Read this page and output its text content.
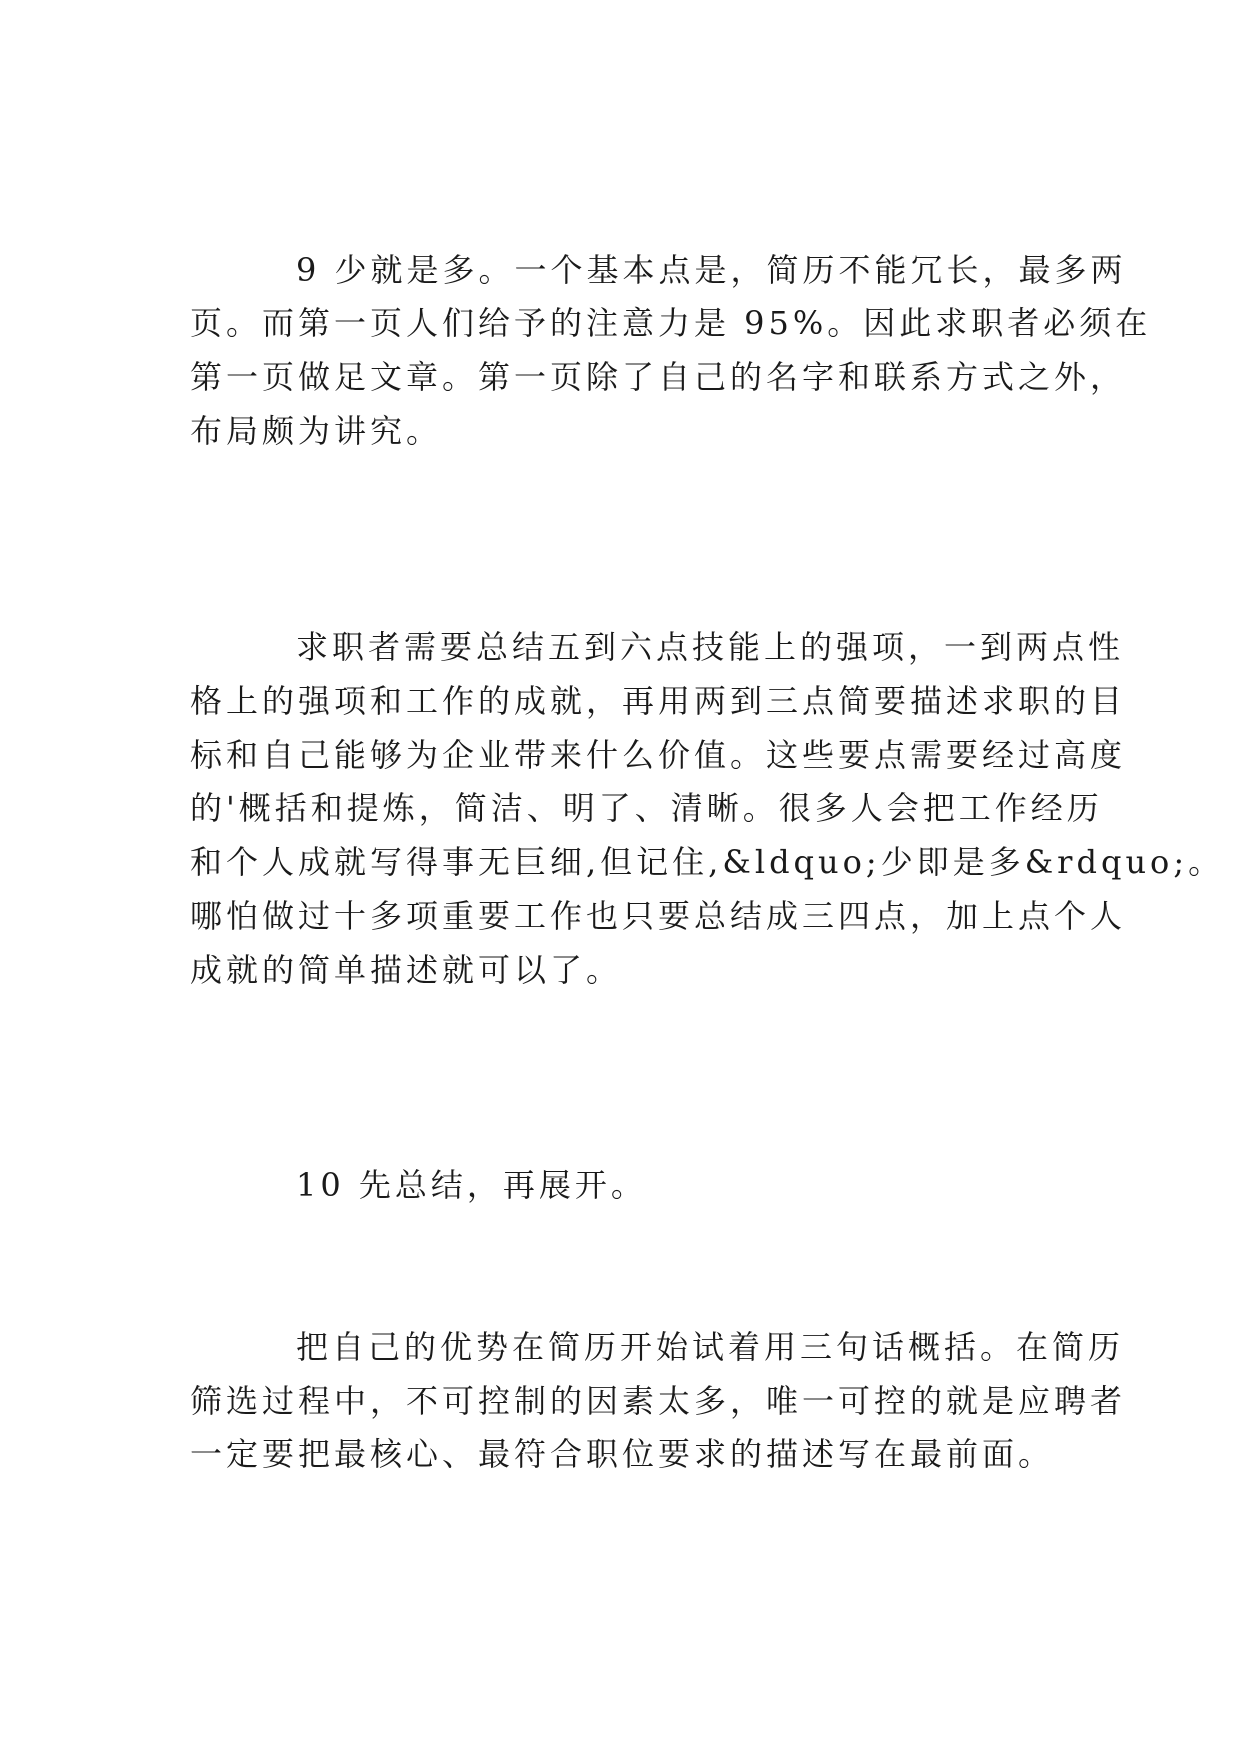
9 少就是多。一个基本点是，简历不能冗长，最多两

页。而第一页人们给予的注意力是 95%。因此求职者必须在

第一页做足文章。第一页除了自己的名字和联系方式之外，

布局颇为讲究。

求职者需要总结五到六点技能上的强项，一到两点性

格上的强项和工作的成就，再用两到三点简要描述求职的目

标和自己能够为企业带来什么价值。这些要点需要经过高度

的'概括和提炼，简洁、明了、清晰。很多人会把工作经历

和个人成就写得事无巨细,但记住,&ldquo;少即是多&rdquo;。

哪怕做过十多项重要工作也只要总结成三四点，加上点个人

成就的简单描述就可以了。

10 先总结，再展开。

把自己的优势在简历开始试着用三句话概括。在简历

筛选过程中，不可控制的因素太多，唯一可控的就是应聘者

一定要把最核心、最符合职位要求的描述写在最前面。
